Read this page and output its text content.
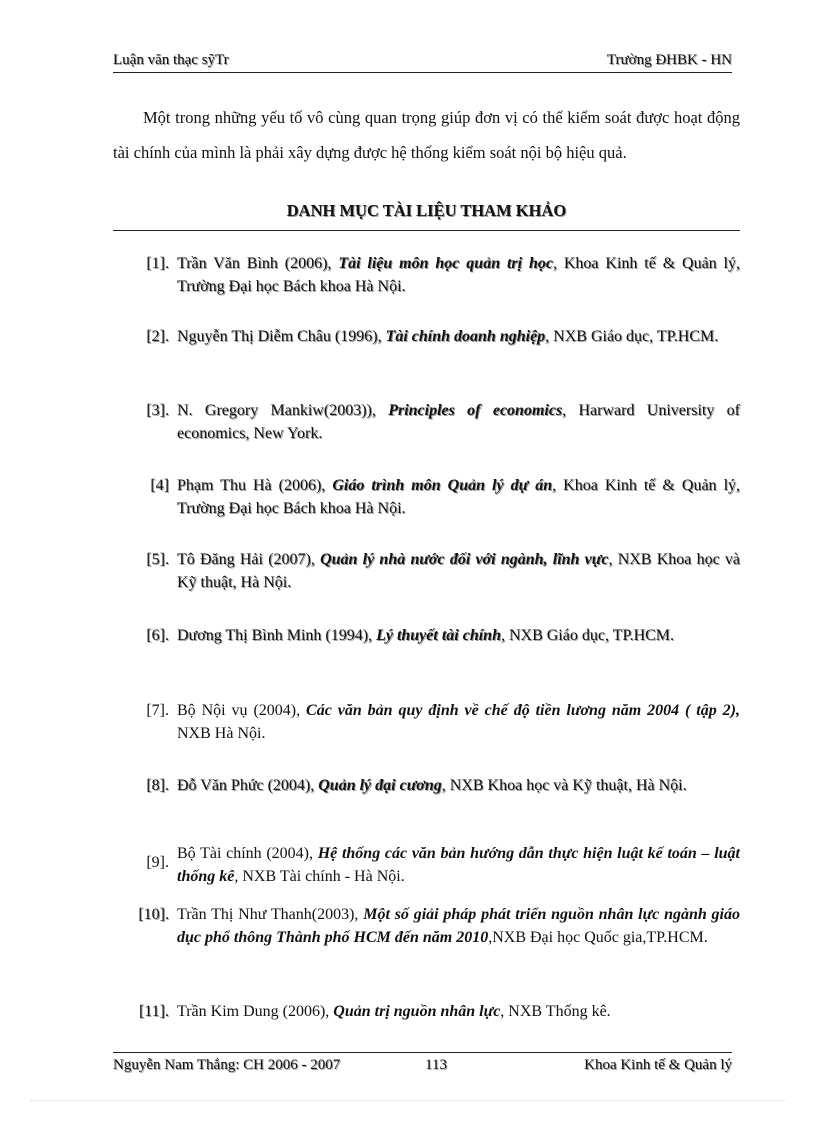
Luận văn thạc sỹTr	Trường ĐHBK - HN

Một trong những yếu tố vô cùng quan trọng giúp đơn vị có thể kiểm soát được hoạt động tài chính của mình là phải xây dựng được hệ thống kiểm soát nội bộ hiệu quả.

DANH MỤC TÀI LIỆU THAM KHẢO
[1]. Trần Văn Bình (2006), Tài liệu môn học quản trị học, Khoa Kinh tế & Quản lý, Trường Đại học Bách khoa Hà Nội.
[2]. Nguyễn Thị Diễm Châu (1996), Tài chính doanh nghiệp, NXB Giáo dục, TP.HCM.
[3]. N. Gregory Mankiw(2003)), Principles of economics, Harward University of economics, New York.
[4] Phạm Thu Hà (2006), Giáo trình môn Quản lý dự án, Khoa Kinh tế & Quản lý, Trường Đại học Bách khoa Hà Nội.
[5]. Tô Đăng Hải (2007), Quản lý nhà nước đối với ngành, lĩnh vực, NXB Khoa học và Kỹ thuật, Hà Nội.
[6]. Dương Thị Bình Minh (1994), Lý thuyết tài chính, NXB Giáo dục, TP.HCM.
[7]. Bộ Nội vụ (2004), Các văn bản quy định về chế độ tiền lương năm 2004 ( tập 2), NXB Hà Nội.
[8]. Đỗ Văn Phức (2004), Quản lý đại cương, NXB Khoa học và Kỹ thuật, Hà Nội.
[9].
Bộ Tài chính (2004), Hệ thống các văn bản hướng dẫn thực hiện luật kế toán – luật thống kê, NXB Tài chính - Hà Nội.
[10]. Trần Thị Như Thanh(2003), Một số giải pháp phát triển nguồn nhân lực ngành giáo dục phổ thông Thành phố HCM đến năm 2010,NXB Đại học Quốc gia,TP.HCM.
[11]. Trần Kim Dung (2006), Quản trị nguồn nhân lực, NXB Thống kê.
Nguyễn Nam Thắng: CH 2006 - 2007	113	Khoa Kinh tế & Quản lý
